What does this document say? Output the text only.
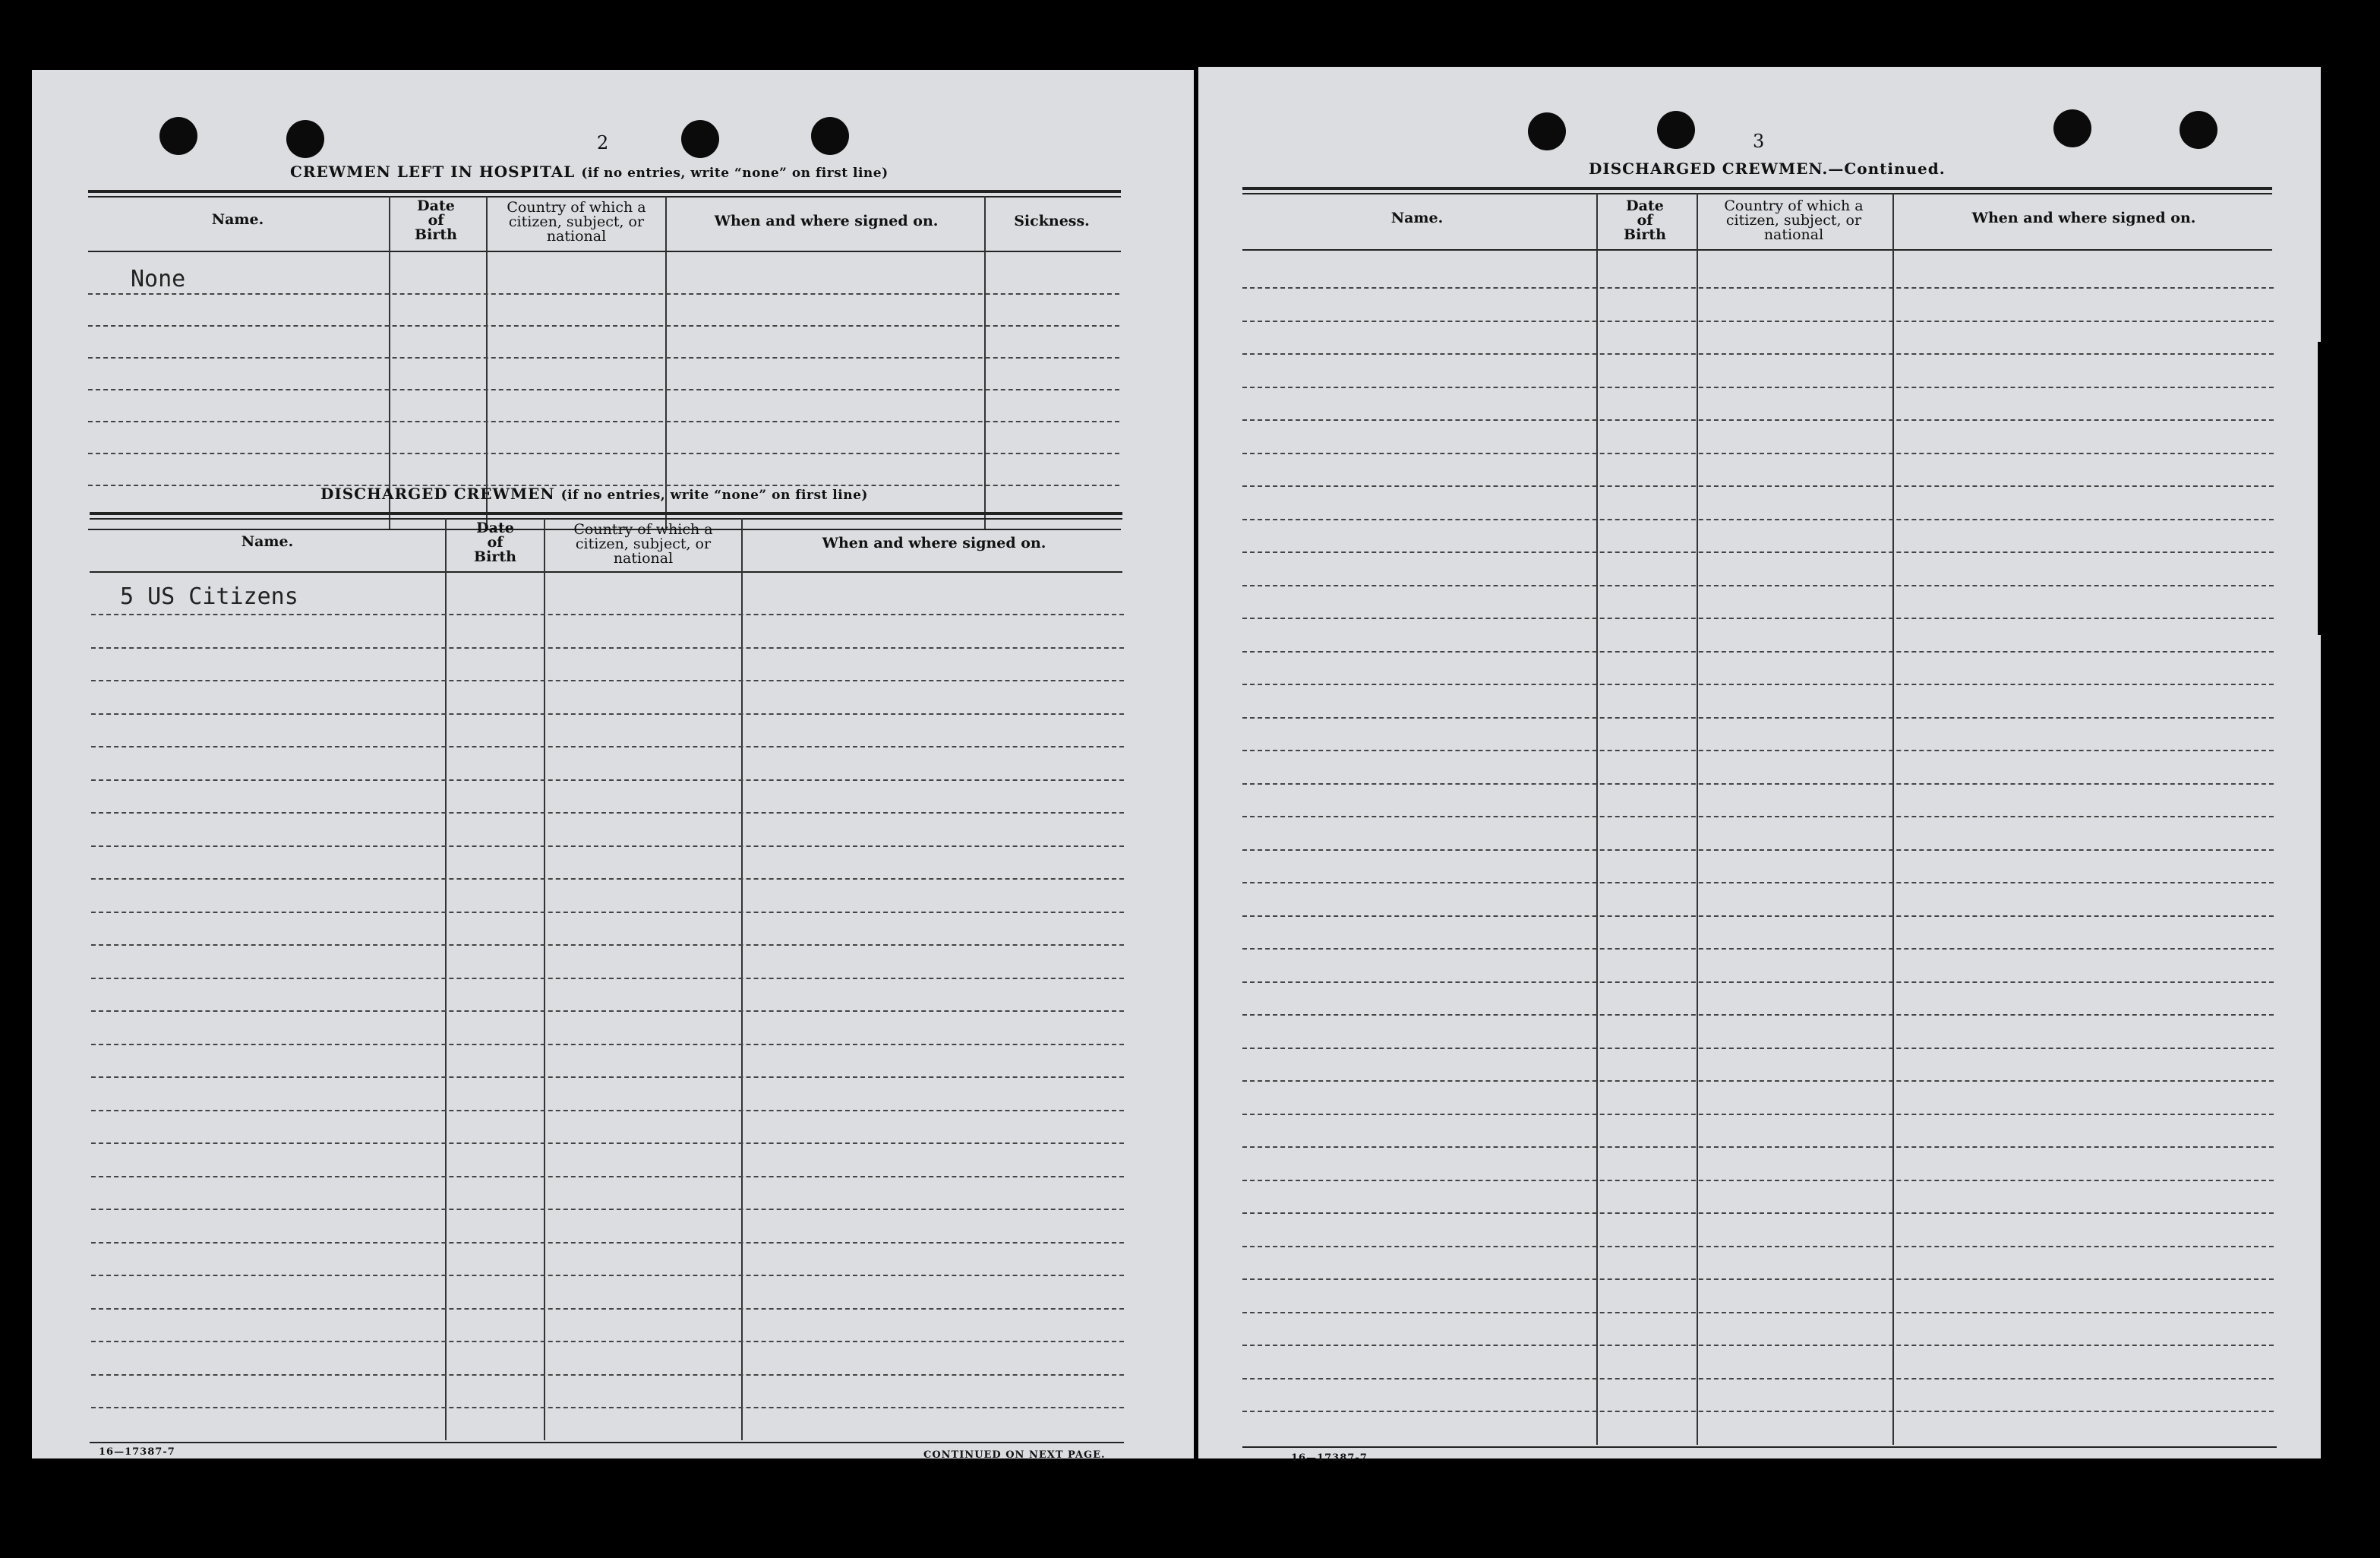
2
CREWMEN LEFT IN HOSPITAL (if no entries, write “none” on first line)
Name.
Date
of
Birth
Country of which a
citizen, subject, or
national
When and where signed on.	Sickness.
None
DISCHARGED CREWMEN (if no entries, write “none” on first line)
Name.
Date
of
Birth
Country of which a
citizen, subject, or
national
When and where signed on.
5 US Citizens
16—17387-7	CONTINUED ON NEXT PAGE.
3
DISCHARGED CREWMEN.—Continued.
Name.
Date
of
Birth
Country of which a
citizen, subject, or
national
When and where signed on.
16—17387-7
